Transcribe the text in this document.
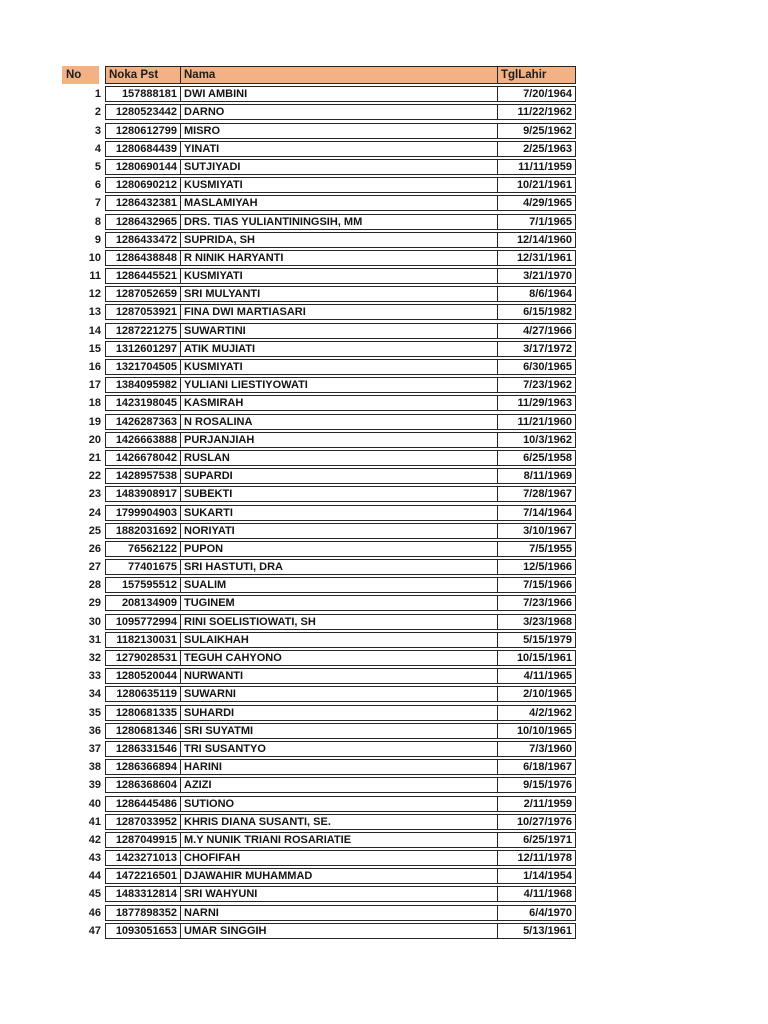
No	Noka Pst	Nama	TglLahir
1	157888181 DWI AMBINI	7/20/1964
2	1280523442 DARNO	11/22/1962
3	1280612799 MISRO	9/25/1962
4	1280684439 YINATI	2/25/1963
5	1280690144 SUTJIYADI	11/11/1959
6	1280690212 KUSMIYATI	10/21/1961
7	1286432381 MASLAMIYAH	4/29/1965
8	1286432965 DRS. TIAS YULIANTININGSIH, MM	7/1/1965
9	1286433472 SUPRIDA, SH	12/14/1960
10	1286438848 R NINIK HARYANTI	12/31/1961
11	1286445521 KUSMIYATI	3/21/1970
12	1287052659 SRI MULYANTI	8/6/1964
13	1287053921 FINA DWI MARTIASARI	6/15/1982
14	1287221275 SUWARTINI	4/27/1966
15	1312601297 ATIK MUJIATI	3/17/1972
16	1321704505 KUSMIYATI	6/30/1965
17	1384095982 YULIANI LIESTIYOWATI	7/23/1962
18	1423198045 KASMIRAH	11/29/1963
19	1426287363 N ROSALINA	11/21/1960
20	1426663888 PURJANJIAH	10/3/1962
21	1426678042 RUSLAN	6/25/1958
22	1428957538 SUPARDI	8/11/1969
23	1483908917 SUBEKTI	7/28/1967
24	1799904903 SUKARTI	7/14/1964
25	1882031692 NORIYATI	3/10/1967
26	76562122 PUPON	7/5/1955
27	77401675 SRI HASTUTI, DRA	12/5/1966
28	157595512 SUALIM	7/15/1966
29	208134909 TUGINEM	7/23/1966
30	1095772994 RINI SOELISTIOWATI, SH	3/23/1968
31	1182130031 SULAIKHAH	5/15/1979
32	1279028531 TEGUH CAHYONO	10/15/1961
33	1280520044 NURWANTI	4/11/1965
34	1280635119 SUWARNI	2/10/1965
35	1280681335 SUHARDI	4/2/1962
36	1280681346 SRI SUYATMI	10/10/1965
37	1286331546 TRI SUSANTYO	7/3/1960
38	1286366894 HARINI	6/18/1967
39	1286368604 AZIZI	9/15/1976
40	1286445486 SUTIONO	2/11/1959
41	1287033952 KHRIS DIANA SUSANTI, SE.	10/27/1976
42	1287049915 M.Y NUNIK TRIANI ROSARIATIE	6/25/1971
43	1423271013 CHOFIFAH	12/11/1978
44	1472216501 DJAWAHIR MUHAMMAD	1/14/1954
45	1483312814 SRI WAHYUNI	4/11/1968
46	1877898352 NARNI	6/4/1970
47	1093051653 UMAR SINGGIH	5/13/1961
